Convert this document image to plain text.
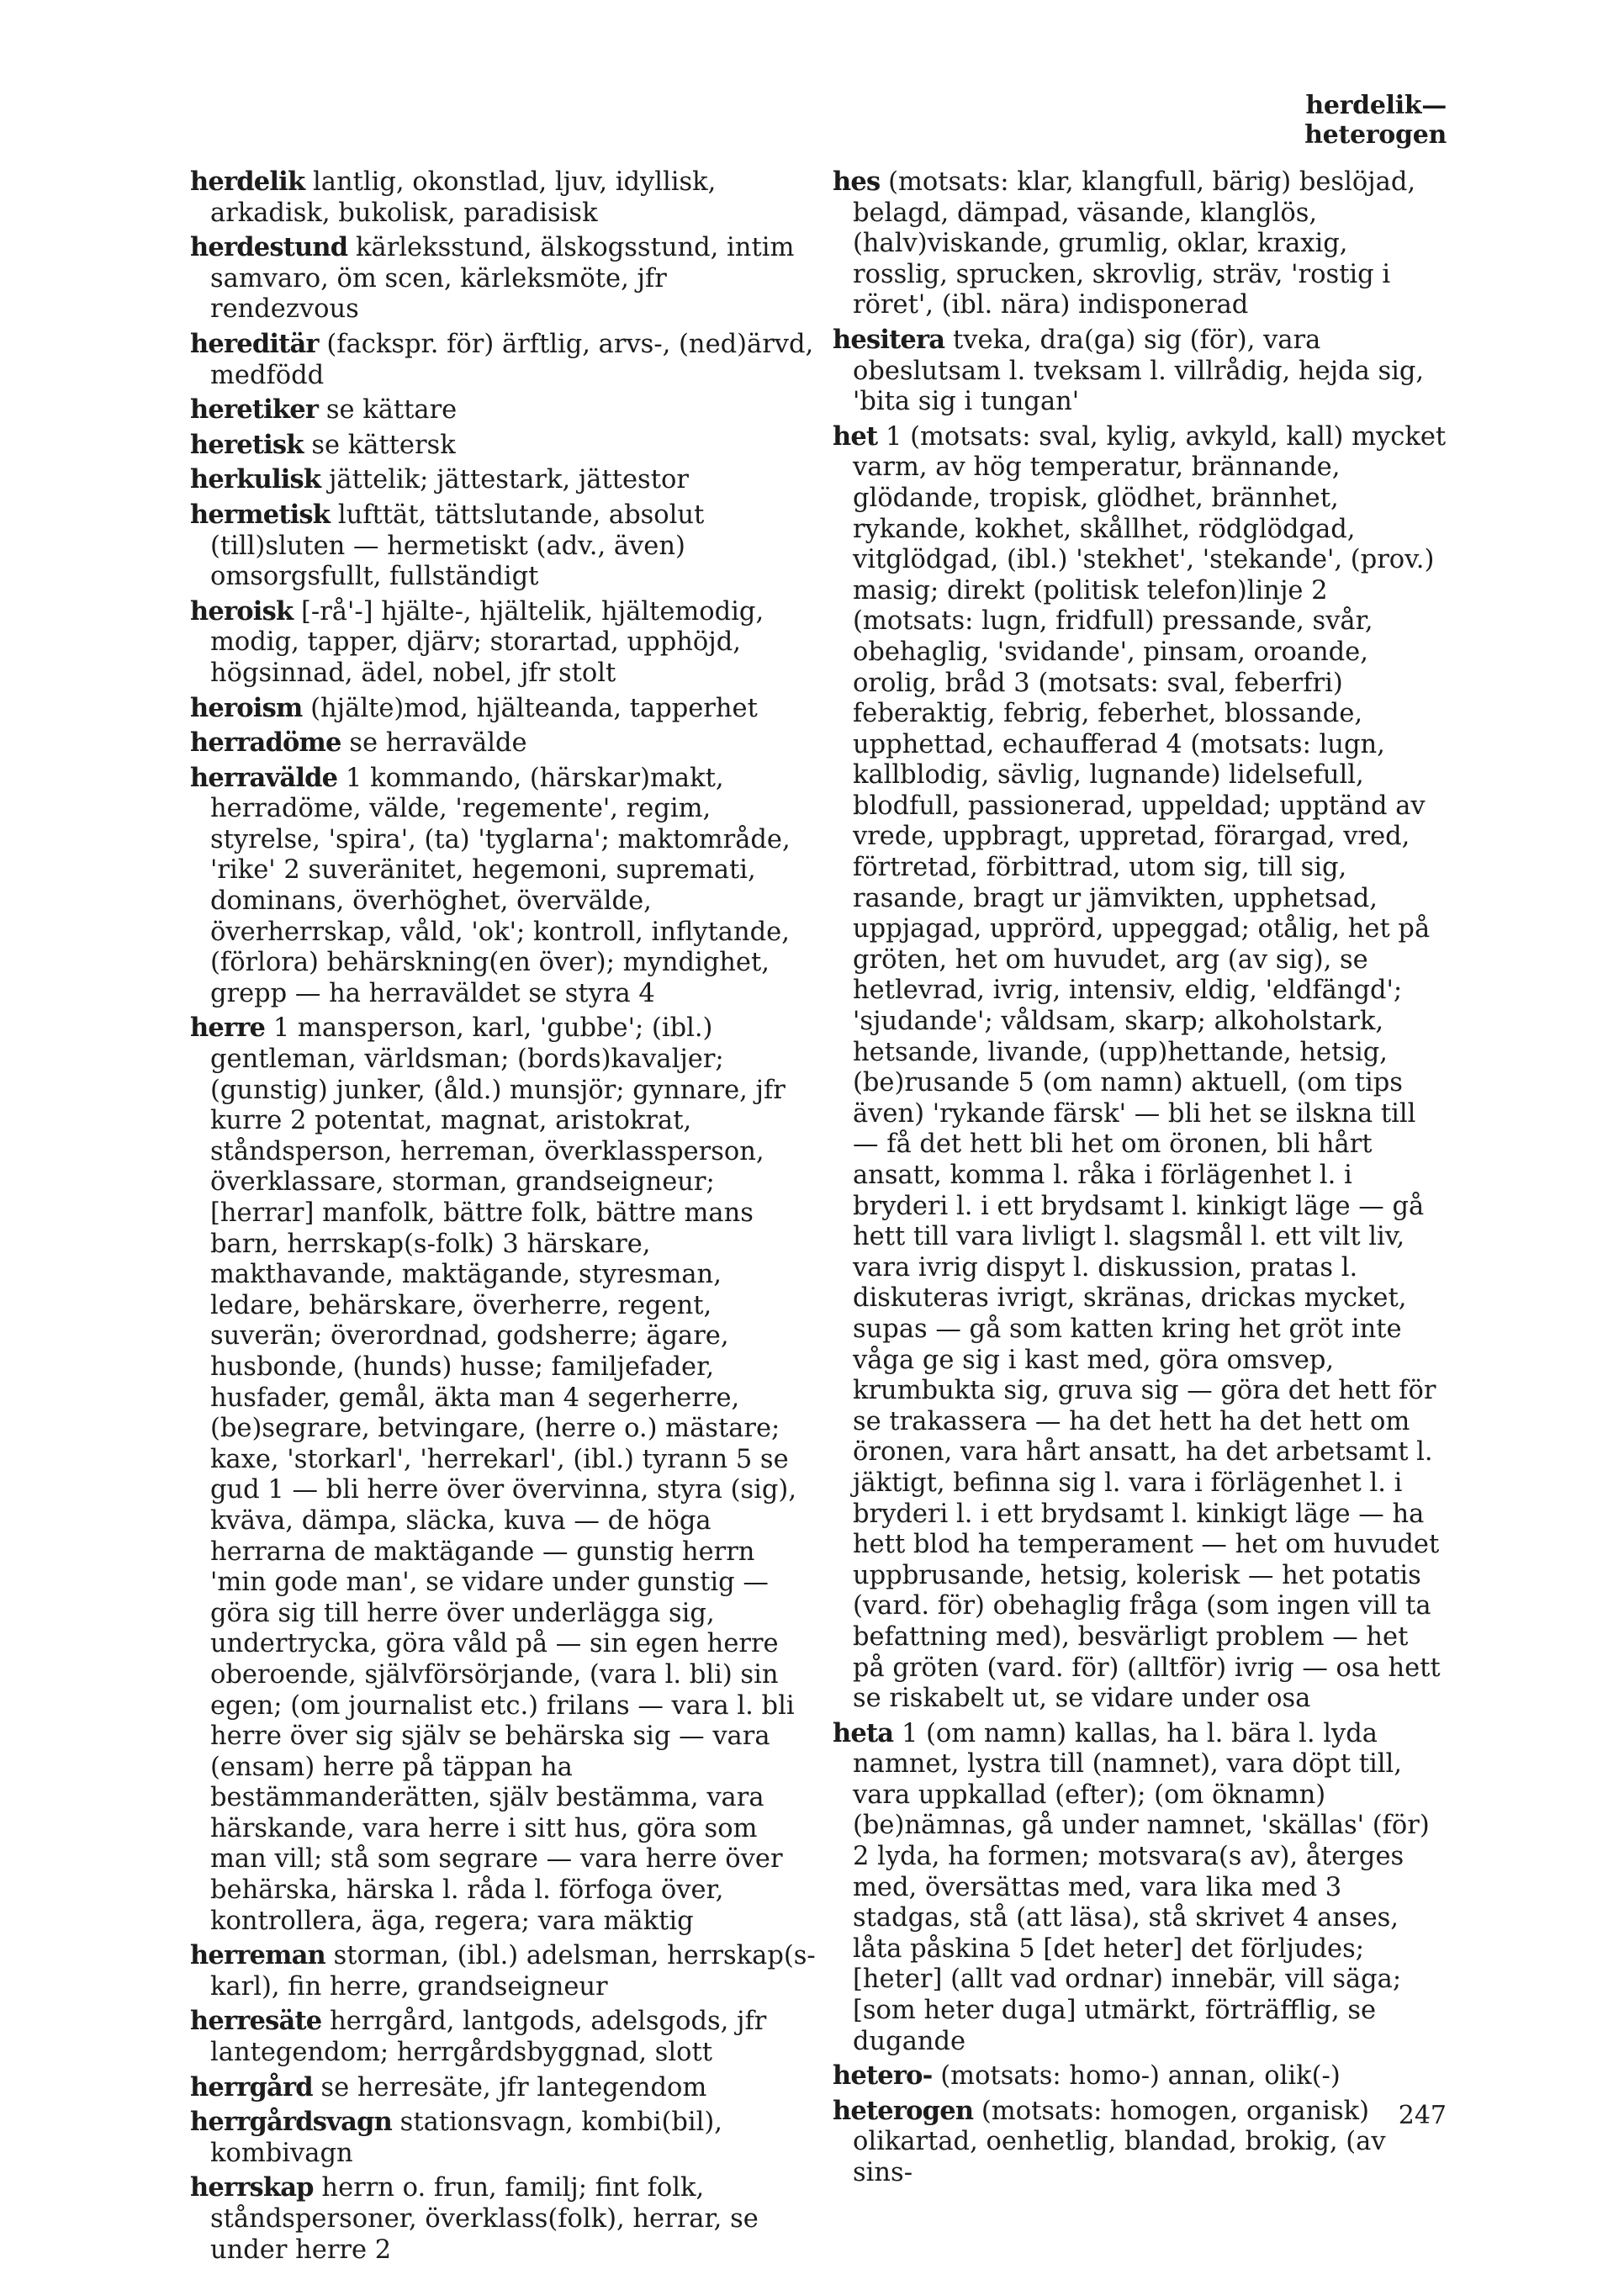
herdelik—heterogen

herdelik lantlig, okonstlad, ljuv, idyllisk, arkadisk, bukolisk, paradisisk

herdestund kärleksstund, älskogsstund, intim samvaro, öm scen, kärleksmöte, jfr rendezvous

hereditär (fackspr. för) ärftlig, arvs-, (ned)ärvd, medfödd

heretiker se kättare

heretisk se kättersk

herkulisk jättelik; jättestark, jättestor

hermetisk lufttät, tättslutande, absolut (till)sluten — hermetiskt (adv., även) omsorgsfullt, fullständigt

heroisk [-rå'-] hjälte-, hjältelik, hjältemodig, modig, tapper, djärv; storartad, upphöjd, högsinnad, ädel, nobel, jfr stolt

heroism (hjälte)mod, hjälteanda, tapperhet

herradöme se herravälde

herravälde 1 kommando, (härskar)makt, herradöme, välde, 'regemente', regim, styrelse, 'spira', (ta) 'tyglarna'; maktområde, 'rike' 2 suveränitet, hegemoni, suprematі, dominans, överhöghet, övervälde, överherrskap, våld, 'ok'; kontroll, inflytande, (förlora) behärskning(en över); myndighet, grepp — ha herraväldet se styra 4

herre 1 mansperson, karl, 'gubbe'; (ibl.) gentleman, världsman; (bords)kavaljer; (gunstig) junker, (åld.) munsjör; gynnare, jfr kurre 2 potentat, magnat, aristokrat, ståndsperson, herreman, överklassperson, överklassare, storman, grandseigneur; [herrar] manfolk, bättre folk, bättre mans barn, herrskap(s-folk) 3 härskare, makthavande, maktägande, styresman, ledare, behärskare, överherre, regent, suverän; överordnad, godsherre; ägare, husbonde, (hunds) husse; familjefader, husfader, gemål, äkta man 4 segerherre, (be)segrare, betvingare, (herre o.) mästare; kaxe, 'storkarl', 'herrekarl', (ibl.) tyrann 5 se gud 1 — bli herre över övervinna, styra (sig), kväva, dämpa, släcka, kuva — de höga herrarna de maktägande — gunstig herrn 'min gode man', se vidare under gunstig — göra sig till herre över underlägga sig, undertrycka, göra våld på — sin egen herre oberoende, självförsörjande, (vara l. bli) sin egen; (om journalist etc.) frilans — vara l. bli herre över sig själv se behärska sig — vara (ensam) herre på täppan ha bestämmanderätten, själv bestämma, vara härskande, vara herre i sitt hus, göra som man vill; stå som segrare — vara herre över behärska, härska l. råda l. förfoga över, kontrollera, äga, regera; vara mäktig

herreman storman, (ibl.) adelsman, herrskap(s-karl), fin herre, grandseigneur

herresäte herrgård, lantgods, adelsgods, jfr lantegendom; herrgårdsbyggnad, slott

herrgård se herresäte, jfr lantegendom

herrgårdsvagn stationsvagn, kombi(bil), kombivagn

herrskap herrn o. frun, familj; fint folk, ståndspersoner, överklass(folk), herrar, se under herre 2

hes (motsats: klar, klangfull, bärig) beslöjad, belagd, dämpad, väsande, klanglös, (halv)viskande, grumlig, oklar, kraxig, rosslig, sprucken, skrovlig, sträv, 'rostig i röret', (ibl. nära) indisponerad

hesitera tveka, dra(ga) sig (för), vara obeslutsam l. tveksam l. villrådig, hejda sig, 'bita sig i tungan'

het 1 (motsats: sval, kylig, avkyld, kall) mycket varm, av hög temperatur, brännande, glödande, tropisk, glödhet, brännhet, rykande, kokhet, skållhet, rödglödgad, vitglödgad, (ibl.) 'stekhet', 'stekande', (prov.) masig; direkt (politisk telefon)linje 2 (motsats: lugn, fridfull) pressande, svår, obehaglig, 'svidande', pinsam, oroande, orolig, bråd 3 (motsats: sval, feberfri) feberaktig, febrig, feberhet, blossande, upphettad, echaufferad 4 (motsats: lugn, kallblodig, sävlig, lugnande) lidelsefull, blodfull, passionerad, uppeldad; upptänd av vrede, uppbragt, uppretad, förargad, vred, förtretad, förbittrad, utom sig, till sig, rasande, bragt ur jämvikten, upphetsad, uppjagad, upprörd, uppeggad; otålig, het på gröten, het om huvudet, arg (av sig), se hetlevrad, ivrig, intensiv, eldig, 'eldfängd'; 'sjudande'; våldsam, skarp; alkoholstark, hetsande, livande, (upp)hettande, hetsig, (be)rusande 5 (om namn) aktuell, (om tips även) 'rykande färsk' — bli het se ilskna till — få det hett bli het om öronen, bli hårt ansatt, komma l. råka i förlägenhet l. i bryderi l. i ett brydsamt l. kinkigt läge — gå hett till vara livligt l. slagsmål l. ett vilt liv, vara ivrig dispyt l. diskussion, pratas l. diskuteras ivrigt, skränas, drickas mycket, supas — gå som katten kring het gröt inte våga ge sig i kast med, göra omsvep, krumbukta sig, gruva sig — göra det hett för se trakassera — ha det hett ha det hett om öronen, vara hårt ansatt, ha det arbetsamt l. jäktigt, befinna sig l. vara i förlägenhet l. i bryderi l. i ett brydsamt l. kinkigt läge — ha hett blod ha temperament — het om huvudet uppbrusande, hetsig, kolerisk — het potatis (vard. för) obehaglig fråga (som ingen vill ta befattning med), besvärligt problem — het på gröten (vard. för) (alltför) ivrig — osa hett se riskabelt ut, se vidare under osa

heta 1 (om namn) kallas, ha l. bära l. lyda namnet, lystra till (namnet), vara döpt till, vara uppkallad (efter); (om öknamn) (be)nämnas, gå under namnet, 'skällas' (för) 2 lyda, ha formen; motsvara(s av), återges med, översättas med, vara lika med 3 stadgas, stå (att läsa), stå skrivet 4 anses, låta påskina 5 [det heter] det förljudes; [heter] (allt vad ordnar) innebär, vill säga; [som heter duga] utmärkt, förträfflig, se dugande

hetero- (motsats: homo-) annan, olik(-)

heterogen (motsats: homogen, organisk) olikartad, oenhetlig, blandad, brokig, (av sins-

247
